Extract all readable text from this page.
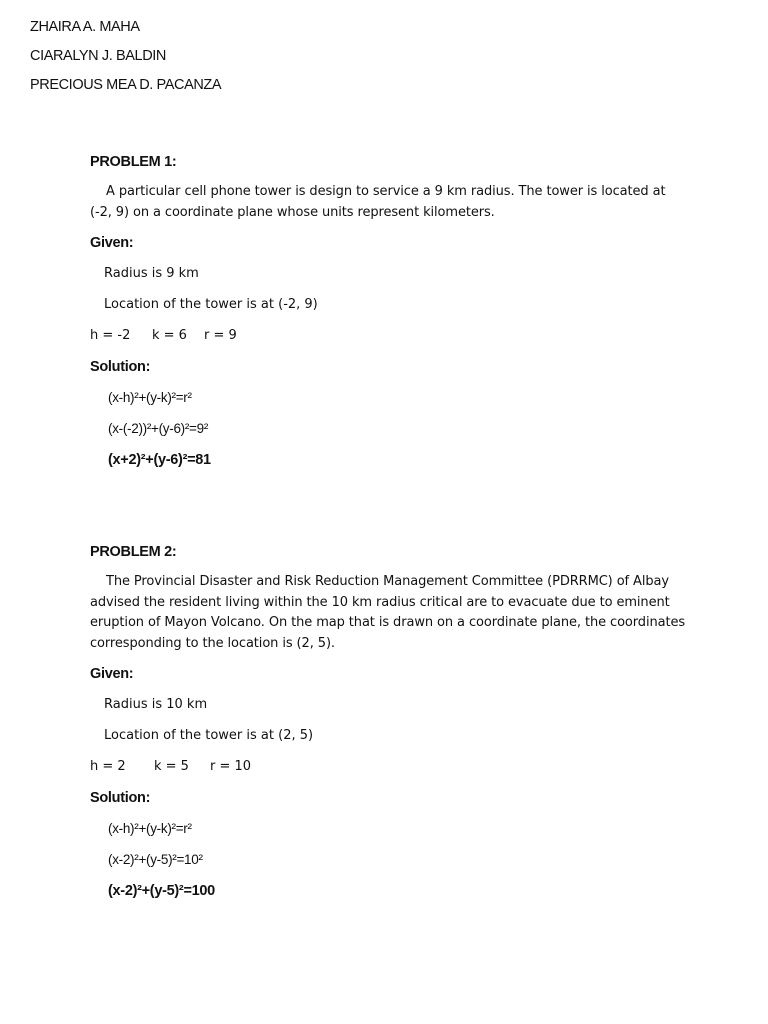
ZHAIRA A. MAHA
CIARALYN J. BALDIN
PRECIOUS MEA D. PACANZA
PROBLEM 1:
A particular cell phone tower is design to service a 9 km radius. The tower is located at (-2, 9) on a coordinate plane whose units represent kilometers.
Given:
Radius is 9 km
Location of the tower is at (-2, 9)
h = -2 k = 6 r = 9
Solution:
(x-h)²+(y-k)²=r²
(x-(-2))²+(y-6)²=9²
(x+2)²+(y-6)²=81
PROBLEM 2:
The Provincial Disaster and Risk Reduction Management Committee (PDRRMC) of Albay advised the resident living within the 10 km radius critical are to evacuate due to eminent eruption of Mayon Volcano. On the map that is drawn on a coordinate plane, the coordinates corresponding to the location is (2, 5).
Given:
Radius is 10 km
Location of the tower is at (2, 5)
h = 2 k = 5 r = 10
Solution:
(x-h)²+(y-k)²=r²
(x-2)²+(y-5)²=10²
(x-2)²+(y-5)²=100
